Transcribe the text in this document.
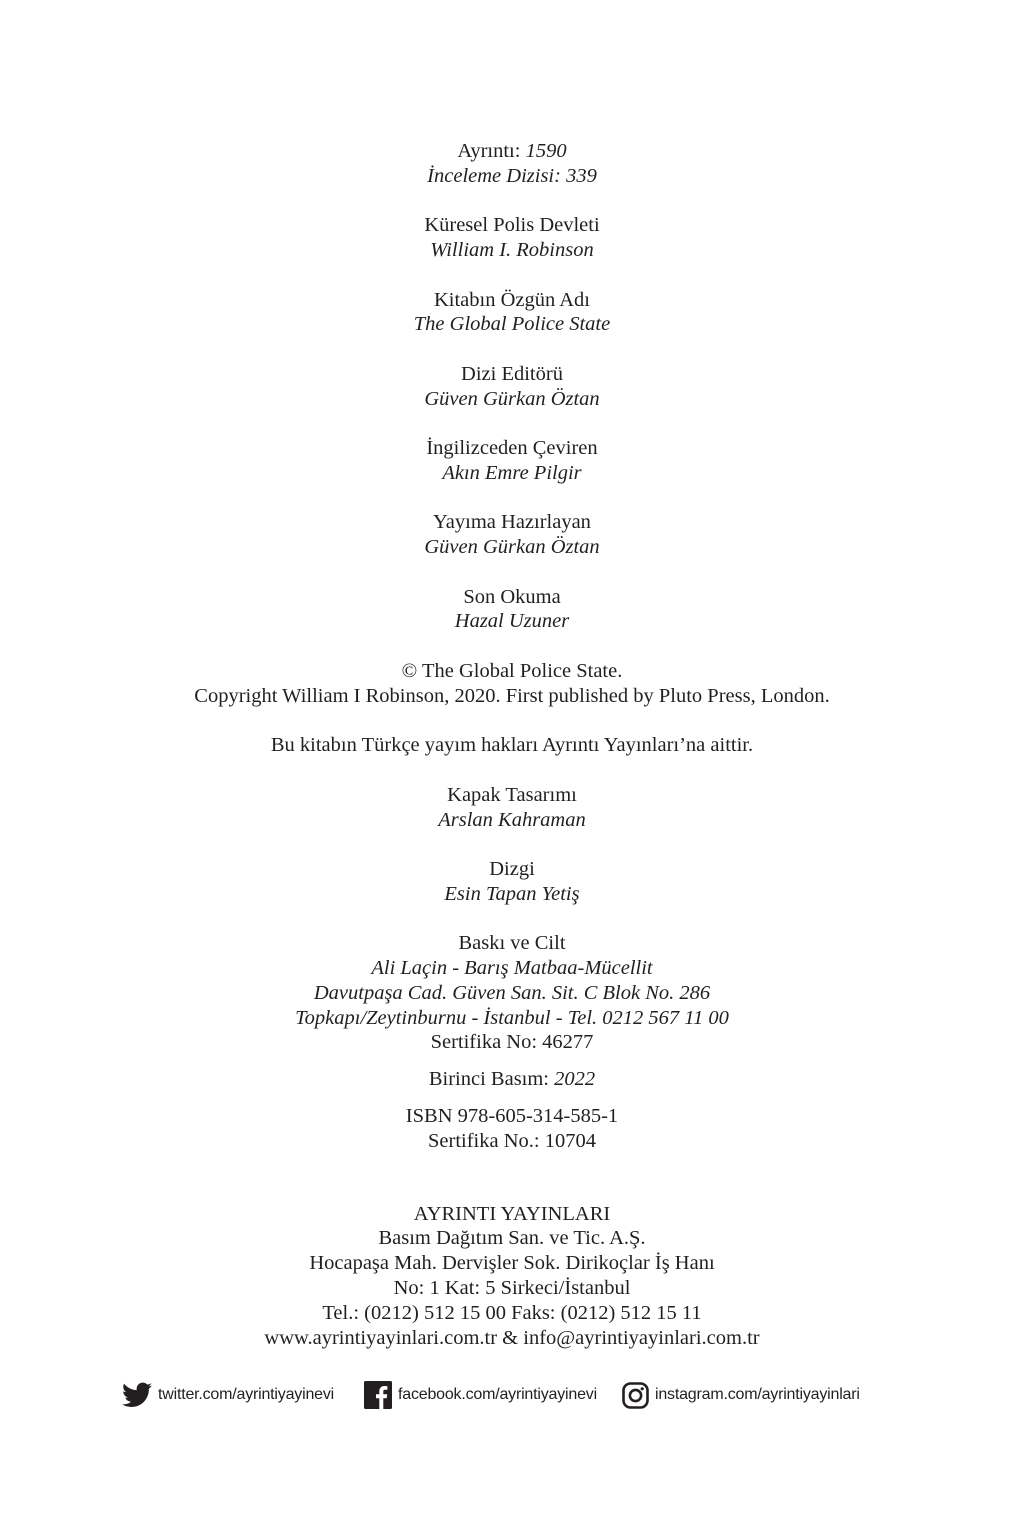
Ayrıntı: 1590
İnceleme Dizisi: 339
Küresel Polis Devleti
William I. Robinson
Kitabın Özgün Adı
The Global Police State
Dizi Editörü
Güven Gürkan Öztan
İngilizceden Çeviren
Akın Emre Pilgir
Yayıma Hazırlayan
Güven Gürkan Öztan
Son Okuma
Hazal Uzuner
© The Global Police State.
Copyright William I Robinson, 2020. First published by Pluto Press, London.
Bu kitabın Türkçe yayım hakları Ayrıntı Yayınları’na aittir.
Kapak Tasarımı
Arslan Kahraman
Dizgi
Esin Tapan Yetiş
Baskı ve Cilt
Ali Laçin - Barış Matbaa-Mücellit
Davutpaşa Cad. Güven San. Sit. C Blok No. 286
Topkapı/Zeytinburnu - İstanbul - Tel. 0212 567 11 00
Sertifika No: 46277
Birinci Basım: 2022
ISBN 978-605-314-585-1
Sertifika No.: 10704
AYRINTI YAYINLARI
Basım Dağıtım San. ve Tic. A.Ş.
Hocapaşa Mah. Dervişler Sok. Dirikoçlar İş Hanı
No: 1 Kat: 5 Sirkeci/İstanbul
Tel.: (0212) 512 15 00 Faks: (0212) 512 15 11
www.ayrintiyayinlari.com.tr & info@ayrintiyayinlari.com.tr
twitter.com/ayrintiyayinevi	facebook.com/ayrintiyayinevi	instagram.com/ayrintiyayinlari
